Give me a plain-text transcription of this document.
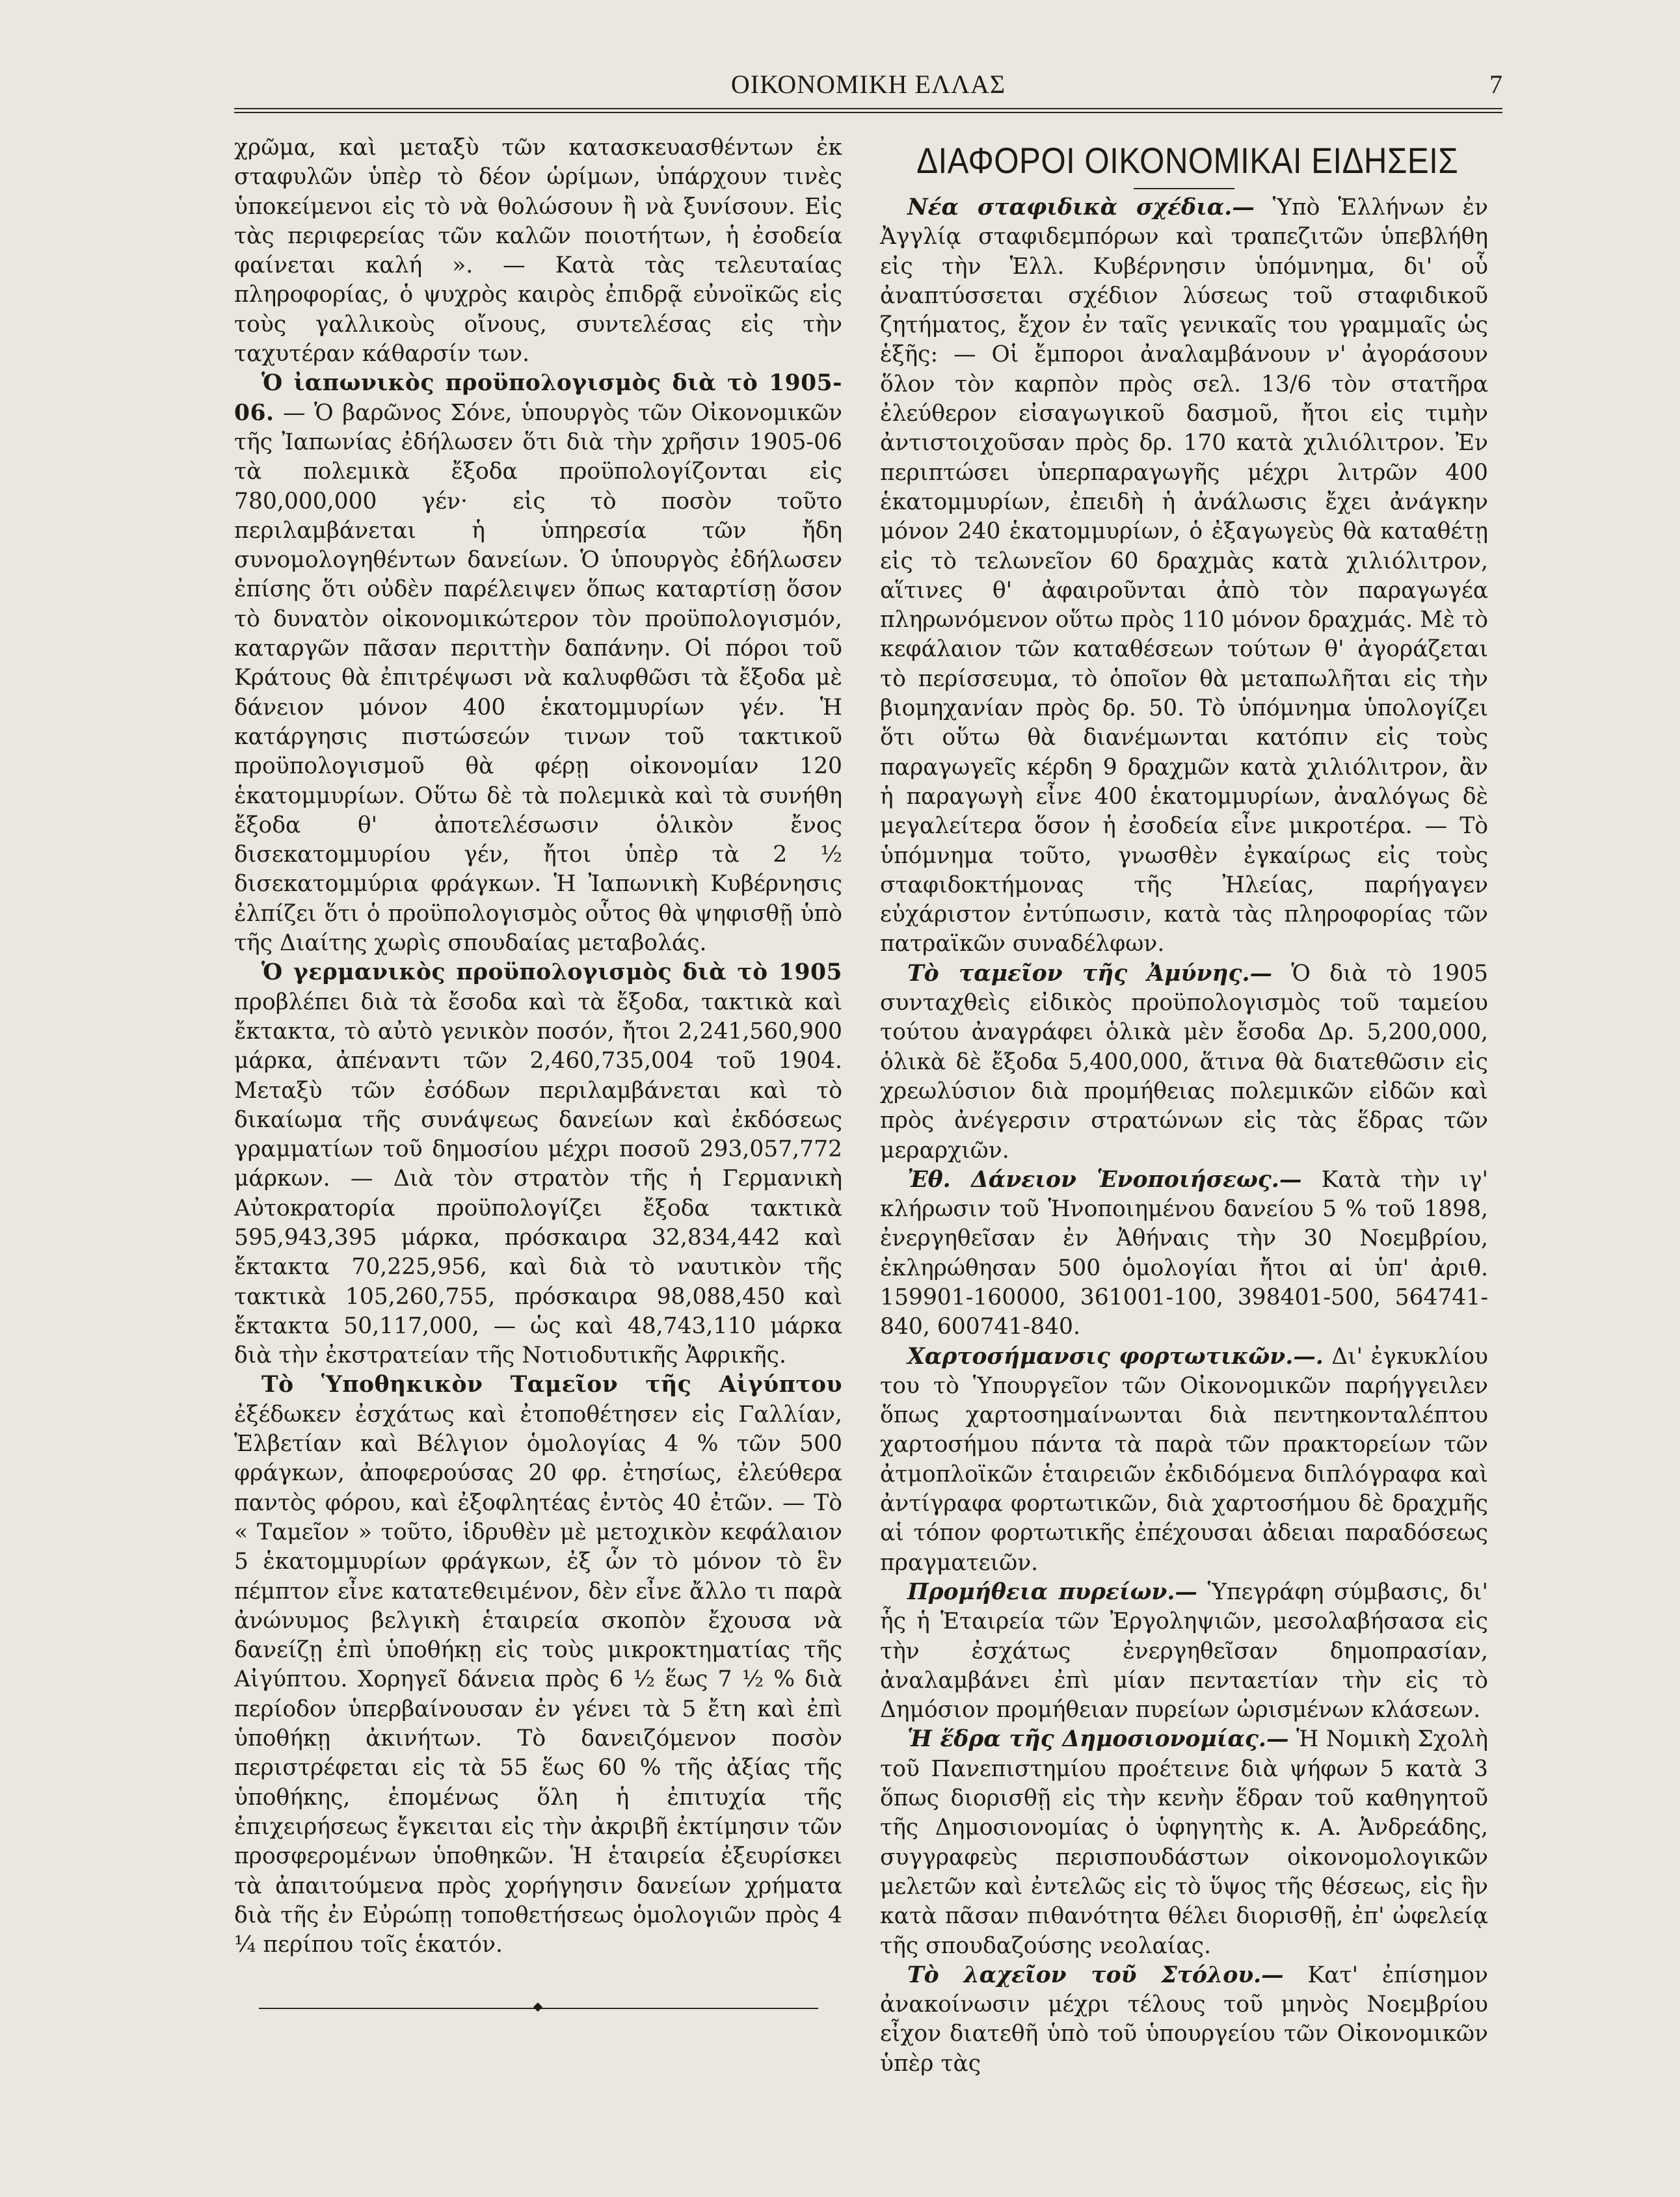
ΟΙΚΟΝΟΜΙΚΗ ΕΛΛΑΣ	7

χρῶμα, καὶ μεταξὺ τῶν κατασκευασθέντων ἐκ σταφυλῶν ὑπὲρ τὸ δέον ὡρίμων, ὑπάρχουν τινὲς ὑποκείμενοι εἰς τὸ νὰ θολώσουν ἢ νὰ ξυνίσουν. Εἰς τὰς περιφερείας τῶν καλῶν ποιοτήτων, ἡ ἐσοδεία φαίνεται καλή ». — Κατὰ τὰς τελευταίας πληροφορίας, ὁ ψυχρὸς καιρὸς ἐπιδρᾷ εὐνοϊκῶς εἰς τοὺς γαλλικοὺς οἴνους, συντελέσας εἰς τὴν ταχυτέραν κάθαρσίν των.

Ὁ ἰαπωνικὸς προϋπολογισμὸς διὰ τὸ 1905-06. — Ὁ βαρῶνος Σόνε, ὑπουργὸς τῶν Οἰκονομικῶν τῆς Ἰαπωνίας ἐδήλωσεν ὅτι διὰ τὴν χρῆσιν 1905-06 τὰ πολεμικὰ ἔξοδα προϋπολογίζονται εἰς 780,000,000 γέν· εἰς τὸ ποσὸν τοῦτο περιλαμβάνεται ἡ ὑπηρεσία τῶν ἤδη συνομολογηθέντων δανείων. Ὁ ὑπουργὸς ἐδήλωσεν ἐπίσης ὅτι οὐδὲν παρέλειψεν ὅπως καταρτίσῃ ὅσον τὸ δυνατὸν οἰκονομικώτερον τὸν προϋπολογισμόν, καταργῶν πᾶσαν περιττὴν δαπάνην. Οἱ πόροι τοῦ Κράτους θὰ ἐπιτρέψωσι νὰ καλυφθῶσι τὰ ἔξοδα μὲ δάνειον μόνον 400 ἑκατομμυρίων γέν. Ἡ κατάργησις πιστώσεών τινων τοῦ τακτικοῦ προϋπολογισμοῦ θὰ φέρῃ οἰκονομίαν 120 ἑκατομμυρίων. Οὕτω δὲ τὰ πολεμικὰ καὶ τὰ συνήθη ἔξοδα θ' ἀποτελέσωσιν ὁλικὸν ἔνος δισεκατομμυρίου γέν, ἤτοι ὑπὲρ τὰ 2 ½ δισεκατομμύρια φράγκων. Ἡ Ἰαπωνικὴ Κυβέρνησις ἐλπίζει ὅτι ὁ προϋπολογισμὸς οὗτος θὰ ψηφισθῇ ὑπὸ τῆς Διαίτης χωρὶς σπουδαίας μεταβολάς.

Ὁ γερμανικὸς προϋπολογισμὸς διὰ τὸ 1905 προβλέπει διὰ τὰ ἔσοδα καὶ τὰ ἔξοδα, τακτικὰ καὶ ἔκτακτα, τὸ αὐτὸ γενικὸν ποσόν, ἤτοι 2,241,560,900 μάρκα, ἀπέναντι τῶν 2,460,735,004 τοῦ 1904. Μεταξὺ τῶν ἐσόδων περιλαμβάνεται καὶ τὸ δικαίωμα τῆς συνάψεως δανείων καὶ ἐκδόσεως γραμματίων τοῦ δημοσίου μέχρι ποσοῦ 293,057,772 μάρκων. — Διὰ τὸν στρατὸν τῆς ἡ Γερμανικὴ Αὐτοκρατορία προϋπολογίζει ἔξοδα τακτικὰ 595,943,395 μάρκα, πρόσκαιρα 32,834,442 καὶ ἔκτακτα 70,225,956, καὶ διὰ τὸ ναυτικὸν τῆς τακτικὰ 105,260,755, πρόσκαιρα 98,088,450 καὶ ἔκτακτα 50,117,000, — ὡς καὶ 48,743,110 μάρκα διὰ τὴν ἐκστρατείαν τῆς Νοτιοδυτικῆς Ἀφρικῆς.

Τὸ Ὑποθηκικὸν Ταμεῖον τῆς Αἰγύπτου ἐξέδωκεν ἐσχάτως καὶ ἐτοποθέτησεν εἰς Γαλλίαν, Ἑλβετίαν καὶ Βέλγιον ὁμολογίας 4 % τῶν 500 φράγκων, ἀποφερούσας 20 φρ. ἐτησίως, ἐλεύθερα παντὸς φόρου, καὶ ἐξοφλητέας ἐντὸς 40 ἐτῶν. — Τὸ « Ταμεῖον » τοῦτο, ἱδρυθὲν μὲ μετοχικὸν κεφάλαιον 5 ἑκατομμυρίων φράγκων, ἐξ ὧν τὸ μόνον τὸ ἓν πέμπτον εἶνε κατατεθειμένον, δὲν εἶνε ἄλλο τι παρὰ ἀνώνυμος βελγικὴ ἑταιρεία σκοπὸν ἔχουσα νὰ δανείζῃ ἐπὶ ὑποθήκῃ εἰς τοὺς μικροκτηματίας τῆς Αἰγύπτου. Χορηγεῖ δάνεια πρὸς 6 ½ ἕως 7 ½ % διὰ περίοδον ὑπερβαίνουσαν ἐν γένει τὰ 5 ἔτη καὶ ἐπὶ ὑποθήκῃ ἀκινήτων. Τὸ δανειζόμενον ποσὸν περιστρέφεται εἰς τὰ 55 ἕως 60 % τῆς ἀξίας τῆς ὑποθήκης, ἑπομένως ὅλη ἡ ἐπιτυχία τῆς ἐπιχειρήσεως ἔγκειται εἰς τὴν ἀκριβῆ ἐκτίμησιν τῶν προσφερομένων ὑποθηκῶν. Ἡ ἑταιρεία ἐξευρίσκει τὰ ἀπαιτούμενα πρὸς χορήγησιν δανείων χρήματα διὰ τῆς ἐν Εὐρώπῃ τοποθετήσεως ὁμολογιῶν πρὸς 4 ¼ περίπου τοῖς ἑκατόν.

ΔΙΑΦΟΡΟΙ ΟΙΚΟΝΟΜΙΚΑΙ ΕΙΔΗΣΕΙΣ

Νέα σταφιδικὰ σχέδια.— Ὑπὸ Ἑλλήνων ἐν Ἀγγλίᾳ σταφιδεμπόρων καὶ τραπεζιτῶν ὑπεβλήθη εἰς τὴν Ἑλλ. Κυβέρνησιν ὑπόμνημα, δι' οὗ ἀναπτύσσεται σχέδιον λύσεως τοῦ σταφιδικοῦ ζητήματος, ἔχον ἐν ταῖς γενικαῖς του γραμμαῖς ὡς ἑξῆς: — Οἱ ἔμποροι ἀναλαμβάνουν ν' ἀγοράσουν ὅλον τὸν καρπὸν πρὸς σελ. 13/6 τὸν στατῆρα ἐλεύθερον εἰσαγωγικοῦ δασμοῦ, ἤτοι εἰς τιμὴν ἀντιστοιχοῦσαν πρὸς δρ. 170 κατὰ χιλιόλιτρον. Ἐν περιπτώσει ὑπερπαραγωγῆς μέχρι λιτρῶν 400 ἑκατομμυρίων, ἐπειδὴ ἡ ἀνάλωσις ἔχει ἀνάγκην μόνον 240 ἑκατομμυρίων, ὁ ἐξαγωγεὺς θὰ καταθέτῃ εἰς τὸ τελωνεῖον 60 δραχμὰς κατὰ χιλιόλιτρον, αἵτινες θ' ἀφαιροῦνται ἀπὸ τὸν παραγωγέα πληρωνόμενον οὕτω πρὸς 110 μόνον δραχμάς. Μὲ τὸ κεφάλαιον τῶν καταθέσεων τούτων θ' ἀγοράζεται τὸ περίσσευμα, τὸ ὁποῖον θὰ μεταπωλῆται εἰς τὴν βιομηχανίαν πρὸς δρ. 50. Τὸ ὑπόμνημα ὑπολογίζει ὅτι οὕτω θὰ διανέμωνται κατόπιν εἰς τοὺς παραγωγεῖς κέρδη 9 δραχμῶν κατὰ χιλιόλιτρον, ἂν ἡ παραγωγὴ εἶνε 400 ἑκατομμυρίων, ἀναλόγως δὲ μεγαλείτερα ὅσον ἡ ἐσοδεία εἶνε μικροτέρα. — Τὸ ὑπόμνημα τοῦτο, γνωσθὲν ἐγκαίρως εἰς τοὺς σταφιδοκτήμονας τῆς Ἠλείας, παρήγαγεν εὐχάριστον ἐντύπωσιν, κατὰ τὰς πληροφορίας τῶν πατραϊκῶν συναδέλφων.

Τὸ ταμεῖον τῆς Ἀμύνης.— Ὁ διὰ τὸ 1905 συνταχθεὶς εἰδικὸς προϋπολογισμὸς τοῦ ταμείου τούτου ἀναγράφει ὁλικὰ μὲν ἔσοδα Δρ. 5,200,000, ὁλικὰ δὲ ἔξοδα 5,400,000, ἅτινα θὰ διατεθῶσιν εἰς χρεωλύσιον διὰ προμήθειας πολεμικῶν εἰδῶν καὶ πρὸς ἀνέγερσιν στρατώνων εἰς τὰς ἕδρας τῶν μεραρχιῶν.

Ἐθ. Δάνειον Ἑνοποιήσεως.— Κατὰ τὴν ιγ' κλήρωσιν τοῦ Ἡνοποιημένου δανείου 5 % τοῦ 1898, ἐνεργηθεῖσαν ἐν Ἀθήναις τὴν 30 Νοεμβρίου, ἐκληρώθησαν 500 ὁμολογίαι ἤτοι αἱ ὑπ' ἀριθ. 159901-160000, 361001-100, 398401-500, 564741-840, 600741-840.

Χαρτοσήμανσις φορτωτικῶν.—. Δι' ἐγκυκλίου του τὸ Ὑπουργεῖον τῶν Οἰκονομικῶν παρήγγειλεν ὅπως χαρτοσημαίνωνται διὰ πεντηκονταλέπτου χαρτοσήμου πάντα τὰ παρὰ τῶν πρακτορείων τῶν ἀτμοπλοϊκῶν ἑταιρειῶν ἐκδιδόμενα διπλόγραφα καὶ ἀντίγραφα φορτωτικῶν, διὰ χαρτοσήμου δὲ δραχμῆς αἱ τόπον φορτωτικῆς ἐπέχουσαι ἀδειαι παραδόσεως πραγματειῶν.

Προμήθεια πυρείων.— Ὑπεγράφη σύμβασις, δι' ἧς ἡ Ἑταιρεία τῶν Ἐργοληψιῶν, μεσολαβήσασα εἰς τὴν ἐσχάτως ἐνεργηθεῖσαν δημοπρασίαν, ἀναλαμβάνει ἐπὶ μίαν πενταετίαν τὴν εἰς τὸ Δημόσιον προμήθειαν πυρείων ὡρισμένων κλάσεων.

Ἡ ἕδρα τῆς Δημοσιονομίας.— Ἡ Νομικὴ Σχολὴ τοῦ Πανεπιστημίου προέτεινε διὰ ψήφων 5 κατὰ 3 ὅπως διορισθῇ εἰς τὴν κενὴν ἕδραν τοῦ καθηγητοῦ τῆς Δημοσιονομίας ὁ ὑφηγητὴς κ. Α. Ἀνδρεάδης, συγγραφεὺς περισπουδάστων οἰκονομολογικῶν μελετῶν καὶ ἐντελῶς εἰς τὸ ὕψος τῆς θέσεως, εἰς ἣν κατὰ πᾶσαν πιθανότητα θέλει διορισθῇ, ἐπ' ὠφελείᾳ τῆς σπουδαζούσης νεολαίας.

Τὸ λαχεῖον τοῦ Στόλου.— Κατ' ἐπίσημον ἀνακοίνωσιν μέχρι τέλους τοῦ μηνὸς Νοεμβρίου εἶχον διατεθῆ ὑπὸ τοῦ ὑπουργείου τῶν Οἰκονομικῶν ὑπὲρ τὰς
